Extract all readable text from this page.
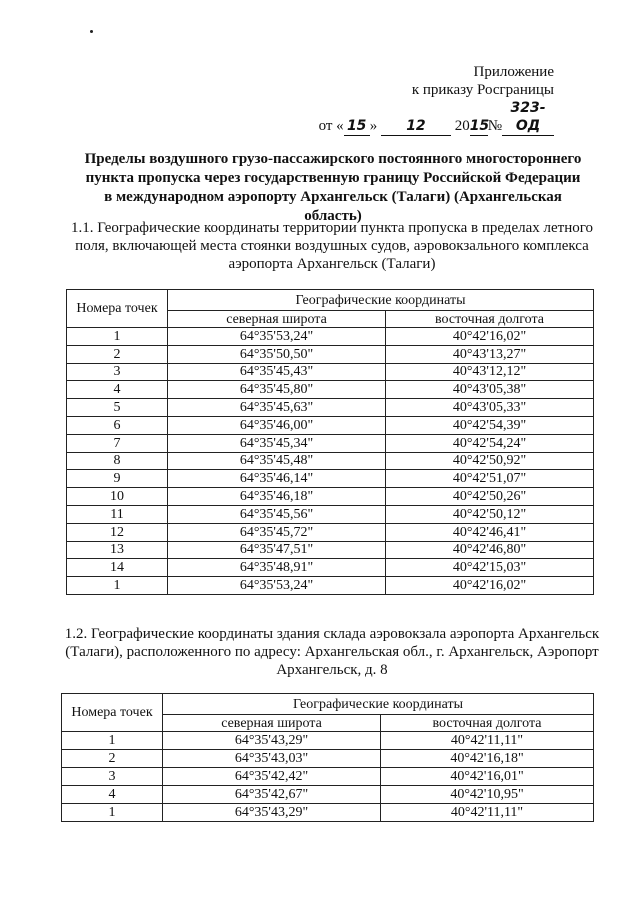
Приложение
к приказу Росграницы
от « 15 » 12 2015№323-ОД
Пределы воздушного грузо-пассажирского постоянного многостороннего пункта пропуска через государственную границу Российской Федерации в международном аэропорту Архангельск (Талаги) (Архангельская область)
1.1. Географические координаты территории пункта пропуска в пределах летного поля, включающей места стоянки воздушных судов, аэровокзального комплекса аэропорта Архангельск (Талаги)
Номера точек	Географические координаты	
	северная широта	восточная долгота
1	64°35'53,24"	40°42'16,02"
2	64°35'50,50"	40°43'13,27"
3	64°35'45,43"	40°43'12,12"
4	64°35'45,80"	40°43'05,38"
5	64°35'45,63"	40°43'05,33"
6	64°35'46,00"	40°42'54,39"
7	64°35'45,34"	40°42'54,24"
8	64°35'45,48"	40°42'50,92"
9	64°35'46,14"	40°42'51,07"
10	64°35'46,18"	40°42'50,26"
11	64°35'45,56"	40°42'50,12"
12	64°35'45,72"	40°42'46,41"
13	64°35'47,51"	40°42'46,80"
14	64°35'48,91"	40°42'15,03"
1	64°35'53,24"	40°42'16,02"
1.2. Географические координаты здания склада аэровокзала аэропорта Архангельск (Талаги), расположенного по адресу: Архангельская обл., г. Архангельск, Аэропорт Архангельск, д. 8
Номера точек	Географические координаты	
	северная широта	восточная долгота
1	64°35'43,29"	40°42'11,11"
2	64°35'43,03"	40°42'16,18"
3	64°35'42,42"	40°42'16,01"
4	64°35'42,67"	40°42'10,95"
1	64°35'43,29"	40°42'11,11"
